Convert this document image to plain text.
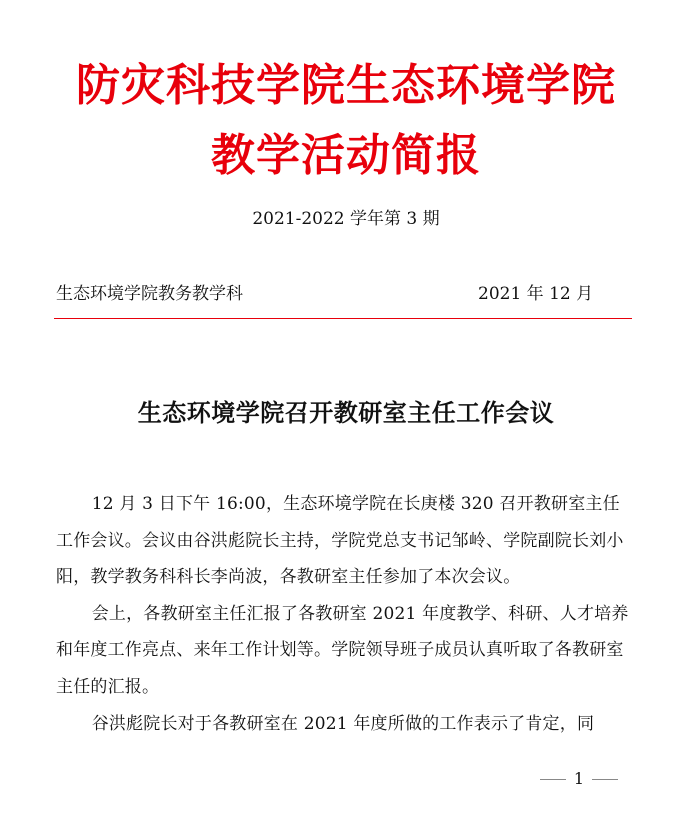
防灾科技学院生态环境学院
教学活动简报
2021-2022 学年第 3 期
生态环境学院教务教学科	2021 年 12 月
生态环境学院召开教研室主任工作会议

12 月 3 日下午 16:00，生态环境学院在长庚楼 320 召开教研室主任工作会议。会议由谷洪彪院长主持，学院党总支书记邹岭、学院副院长刘小阳，教学教务科科长李尚波，各教研室主任参加了本次会议。

会上，各教研室主任汇报了各教研室 2021 年度教学、科研、人才培养和年度工作亮点、来年工作计划等。学院领导班子成员认真听取了各教研室主任的汇报。

谷洪彪院长对于各教研室在 2021 年度所做的工作表示了肯定，同

1
